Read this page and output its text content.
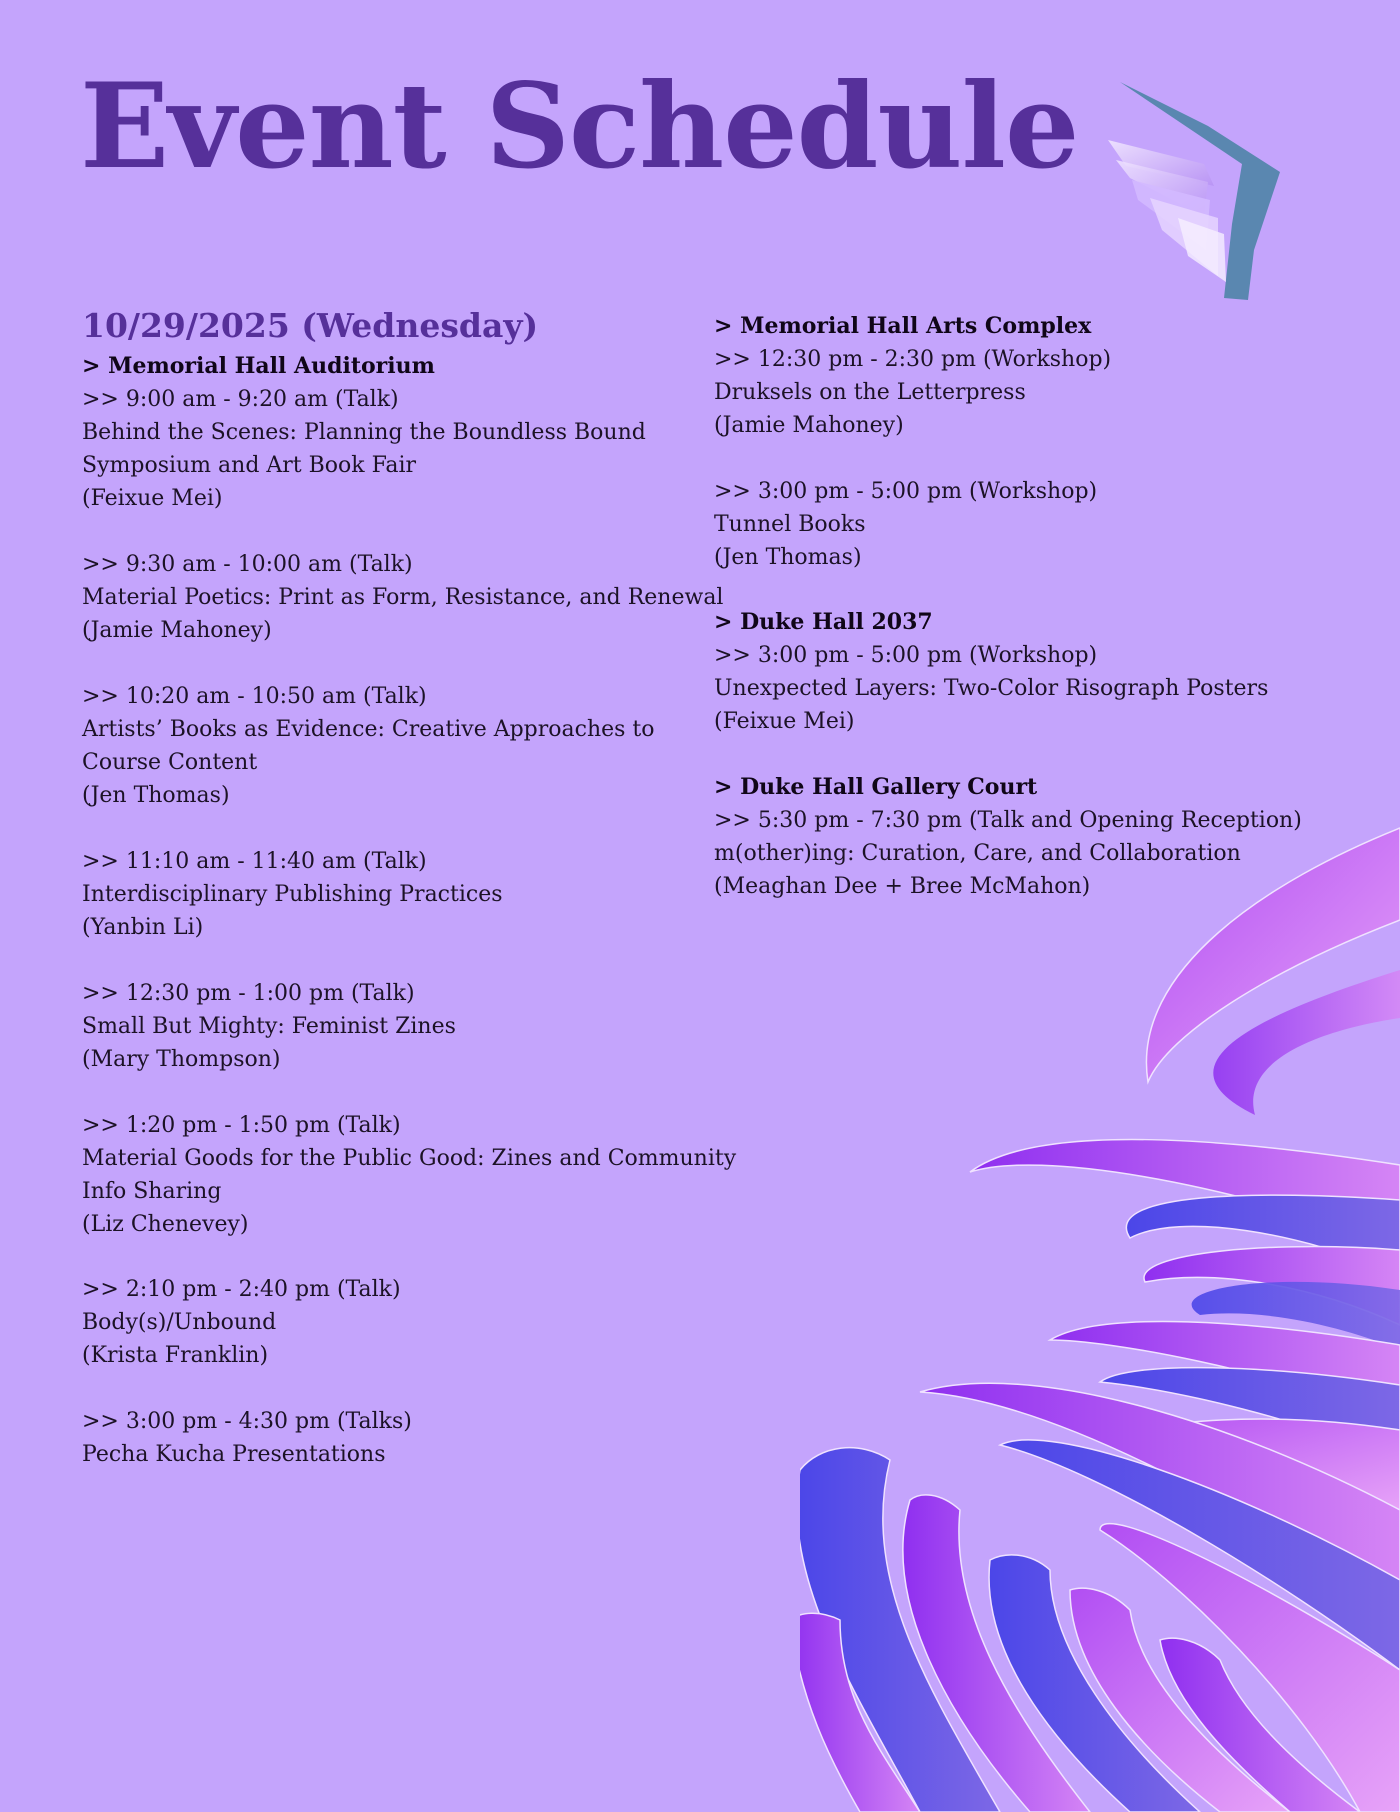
Event Schedule
10/29/2025 (Wednesday)
> Memorial Hall Auditorium
>> 9:00 am - 9:20 am (Talk)
Behind the Scenes: Planning the Boundless Bound
Symposium and Art Book Fair
(Feixue Mei)
>> 9:30 am - 10:00 am (Talk)
Material Poetics: Print as Form, Resistance, and Renewal
(Jamie Mahoney)
>> 10:20 am - 10:50 am (Talk)
Artists’ Books as Evidence: Creative Approaches to
Course Content
(Jen Thomas)
>> 11:10 am - 11:40 am (Talk)
Interdisciplinary Publishing Practices
(Yanbin Li)
>> 12:30 pm - 1:00 pm (Talk)
Small But Mighty: Feminist Zines
(Mary Thompson)
>> 1:20 pm - 1:50 pm (Talk)
Material Goods for the Public Good: Zines and Community
Info Sharing
(Liz Chenevey)
>> 2:10 pm - 2:40 pm (Talk)
Body(s)/Unbound
(Krista Franklin)
>> 3:00 pm - 4:30 pm (Talks)
Pecha Kucha Presentations
> Memorial Hall Arts Complex
>> 12:30 pm - 2:30 pm (Workshop)
Druksels on the Letterpress
(Jamie Mahoney)
>> 3:00 pm - 5:00 pm (Workshop)
Tunnel Books
(Jen Thomas)
> Duke Hall 2037
>> 3:00 pm - 5:00 pm (Workshop)
Unexpected Layers: Two-Color Risograph Posters
(Feixue Mei)
> Duke Hall Gallery Court
>> 5:30 pm - 7:30 pm (Talk and Opening Reception)
m(other)ing: Curation, Care, and Collaboration
(Meaghan Dee + Bree McMahon)
